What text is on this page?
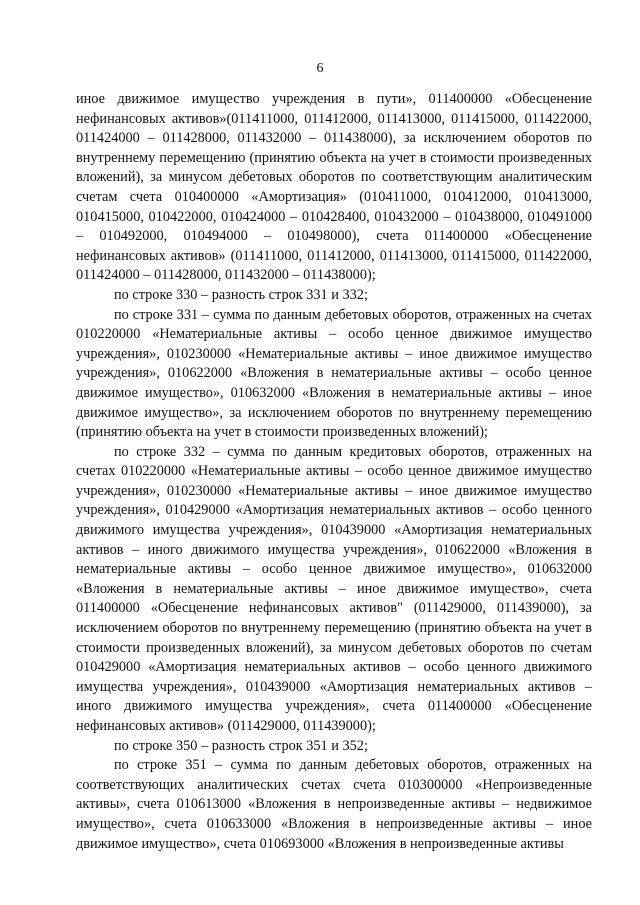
6

иное движимое имущество учреждения в пути», 011400000 «Обесценение нефинансовых активов»(011411000, 011412000, 011413000, 011415000, 011422000, 011424000 – 011428000, 011432000 – 011438000), за исключением оборотов по внутреннему перемещению (принятию объекта на учет в стоимости произведенных вложений), за минусом дебетовых оборотов по соответствующим аналитическим счетам счета 010400000 «Амортизация» (010411000, 010412000, 010413000, 010415000, 010422000, 010424000 – 010428400, 010432000 – 010438000, 010491000 – 010492000, 010494000 – 010498000), счета 011400000 «Обесценение нефинансовых активов» (011411000, 011412000, 011413000, 011415000, 011422000, 011424000 – 011428000, 011432000 – 011438000);

по строке 330 – разность строк 331 и 332;

по строке 331 – сумма по данным дебетовых оборотов, отраженных на счетах 010220000 «Нематериальные активы – особо ценное движимое имущество учреждения», 010230000 «Нематериальные активы – иное движимое имущество учреждения», 010622000 «Вложения в нематериальные активы – особо ценное движимое имущество», 010632000 «Вложения в нематериальные активы – иное движимое имущество», за исключением оборотов по внутреннему перемещению (принятию объекта на учет в стоимости произведенных вложений);

по строке 332 – сумма по данным кредитовых оборотов, отраженных на счетах 010220000 «Нематериальные активы – особо ценное движимое имущество учреждения», 010230000 «Нематериальные активы – иное движимое имущество учреждения», 010429000 «Амортизация нематериальных активов – особо ценного движимого имущества учреждения», 010439000 «Амортизация нематериальных активов – иного движимого имущества учреждения», 010622000 «Вложения в нематериальные активы – особо ценное движимое имущество», 010632000 «Вложения в нематериальные активы – иное движимое имущество», счета 011400000 «Обесценение нефинансовых активов" (011429000, 011439000), за исключением оборотов по внутреннему перемещению (принятию объекта на учет в стоимости произведенных вложений), за минусом дебетовых оборотов по счетам 010429000 «Амортизация нематериальных активов – особо ценного движимого имущества учреждения», 010439000 «Амортизация нематериальных активов – иного движимого имущества учреждения», счета 011400000 «Обесценение нефинансовых активов» (011429000, 011439000);

по строке 350 – разность строк 351 и 352;

по строке 351 – сумма по данным дебетовых оборотов, отраженных на соответствующих аналитических счетах счета 010300000 «Непроизведенные активы», счета 010613000 «Вложения в непроизведенные активы – недвижимое имущество», счета 010633000 «Вложения в непроизведенные активы – иное движимое имущество», счета 010693000 «Вложения в непроизведенные активы
